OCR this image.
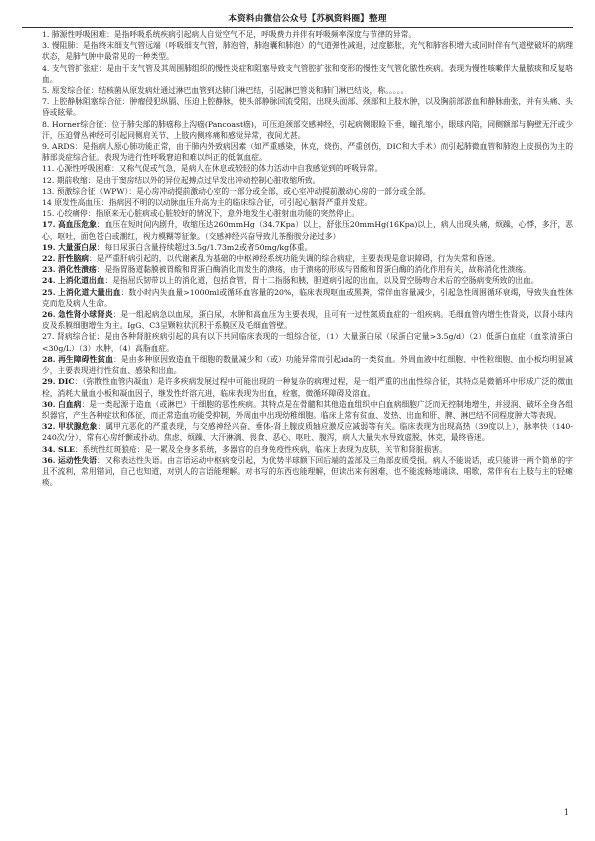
本资料由微信公众号【苏枫资料圈】整理

1. 肺源性呼吸困难：是指呼吸系统疾病引起病人自觉空气不足，呼吸费力并伴有呼吸频率深度与节律的异常。

3. 慢阻肺：是指终末细支气管远端（呼吸细支气管，肺泡管，肺泡囊和肺泡）的气道弹性减退，过度膨胀，充气和肺容积增大或同时伴有气道壁破坏的病理状态，是肺气肿中最常见的一种类型。

4. 支气管扩张症：是由于支气管及其周围肺组织的慢性炎症和阻塞导致支气管腔扩张和变形的慢性支气管化脓性疾病。表现为慢性咳嗽伴大量脓痰和反复咯血。

5. 原发综合征：结核菌从原发病灶通过淋巴血管到达肺门淋巴结，引起淋巴管炎和肺门淋巴结炎，称。。。。。

7. 上腔静脉阻塞综合征：肿瘤侵犯纵膈、压迫上腔静脉，使头部静脉回流受阻，出现头面部、颈部和上肢水肿，以及胸前部淤血和静脉曲张，并有头痛、头昏或眩晕。

8. Horner综合征：位于肺尖部的肺癌称上沟癌(Pancoast癌)，可压迫颈部交感神经，引起病侧眼睑下垂，瞳孔缩小，眼球内陷，同侧额部与胸壁无汗或少汗，压迫臂丛神经可引起同侧肩关节、上肢内侧疼痛和感觉异常，夜间尤甚。

9. ARDS：是指病人原心肺功能正常，由于肺内外致病因素（如严重感染，休克，烧伤，严重创伤，DIC和大手术）而引起肺微血管和肺泡上皮损伤为主的肺部炎症综合征。表现为进行性呼吸窘迫和难以纠正的低氧血症。

11. 心源性呼吸困难：又称气促或气急，是病人在休息或较轻的体力活动中自我感觉到的呼吸异常。

12. 期前收缩：是由于窦房结以外的异位起搏点过早发出冲动控制心脏收缩所致。

13. 预激综合征（WPW）：是心房冲动提前激动心室的一部分或全部，或心室冲动提前激动心房的一部分或全部。

14 原发性高血压：指病因不明的以动脉血压升高为主的临床综合征，可引起心脑肾严重并发症。

15. 心绞痛停：指原来无心脏病或心脏较好的情况下，意外地发生心脏射血功能的突然停止。

17. 高血压危象：血压在短时间内剧升，收缩压达260mmHg（34.7Kpa）以上，舒张压20mmHg(16Kpa)以上，病人出现头痛，烦躁，心悸，多汗，恶心，呕吐，面色苍白或潮红，视力模糊等征象。（交感神经兴奋导致儿茶酚胺分泌过多）

19. 大量蛋白尿：每日尿蛋白含量持续超过3.5g/1.73m2或者50mg/kg体重。

22. 肝性脑病：是严重肝病引起的，以代谢紊乱为基础的中枢神经系统功能失调的综合病症，主要表现是意识障碍，行为失常和昏迷。

23. 消化性溃疡：是指胃肠道黏膜被胃酸和胃蛋白酶消化而发生的溃疡，由于溃疡的形成与胃酸和胃蛋白酶的消化作用有关，故称消化性溃疡。

24. 上消化道出血：是指屈氏韧带以上的消化道，包括食管，胃十二指肠和胰，胆道病引起的出血，以及胃空肠吻合术后的空肠病变所致的出血。

25. 上消化道大量出血：数小时内失血量>1000ml或循环血容量的20%，临床表现呕血或黑粪，常伴血容量减少，引起急性周围循环衰竭，导致失血性休克而危及病人生命。

26. 急性肾小球肾炎：是一组起病急以血尿，蛋白尿，水肿和高血压为主要表现，且可有一过性氮质血症的一组疾病。毛细血管内增生性肾炎，以肾小球内皮及系膜细胞增生为主。IgG、C3呈颗粒状沉积于系膜区及毛细血管壁。

27. 肾病综合征：是由各种肾脏疾病引起的具有以下共同临床表现的一组综合征，（1）大量蛋白尿（尿蛋白定量>3.5g/d）（2）低蛋白血症（血浆清蛋白<30g/L）（3）水肿，（4）高脂血症。

28. 再生障碍性贫血：是由多种原因致造血干细胞的数量减少和（或）功能异常而引起ida的一类贫血。外周血液中红细胞、中性粒细胞、血小板均明显减少，主要表现进行性贫血、感染和出血。

29. DIC：（弥散性血管内凝血）是许多疾病发展过程中可能出现的一种复杂的病理过程，是一组严重的出血性综合征，其特点是微循环中形成广泛的微血栓，消耗大量血小板和凝血因子，继发性纤溶亢进，临床表现为出血，栓塞，微循环障碍及溶血。

30. 白血病：是一类起源于造血（或淋巴）干细胞的恶性疾病。其特点是在骨髓和其他造血组织中白血病细胞广泛而无控制地增生，并浸润、破坏全身各组织器官，产生各种症状和体征，而正常造血功能受抑制，外周血中出现幼稚细胞。临床上常有贫血、发热、出血和肝、脾、淋巴结不同程度肿大等表现。

32. 甲状腺危象：属甲亢恶化的严重表现，与交感神经兴奋、垂体-肾上腺皮质轴应激反应减弱等有关。临床表现为出现高热（39度以上），脉率快（140-240次/分），常有心房纤颤或扑动。焦虑、烦躁、大汗淋漓、畏食、恶心、呕吐、腹泻，病人大量失水导致虚脱、休克，最终昏迷。

34. SLE：系统性红斑狼疮：是一累及全身多系统，多器官的自身免疫性疾病，临床上表现为皮肤，关节和肾脏损害。

36. 运动性失语：又称表达性失语。由言语运动中枢病变引起，为优势半球额下回后端的盖部及三角部皮质受损。病人不能说话，或只能讲一两个简单的字且不流利，常用错词，自己也知道，对别人的言语能理解。对书写的东西也能理解，但读出来有困难，也不能流畅地诵读、唱歌，常伴有右上肢与主的轻瘫痪。

1
